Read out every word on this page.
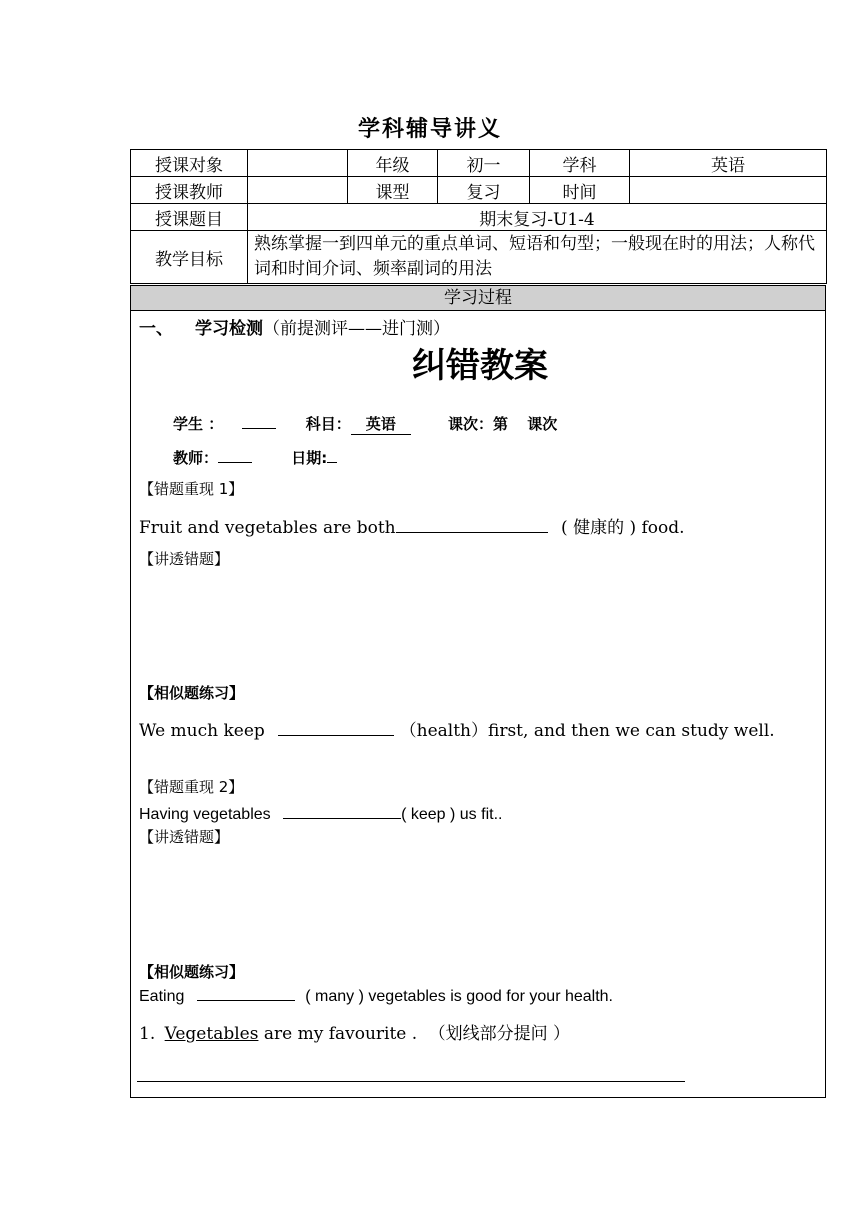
学科辅导讲义
授课对象		年级	初一	学科	英语
授课教师		课型	复习	时间	
授课题目	期末复习-U1-4				
教学目标	熟练掌握一到四单元的重点单词、短语和句型；一般现在时的用法；人称代词和时间介词、频率副词的用法				
学习过程
一、 学习检测（前提测评——进门测）
纠错教案
学生 ：	科目： 英语	课次：第 课次
教师：	日期:
【错题重现 1】
Fruit and vegetables are both	( 健康的 ) food.
【讲透错题】
【相似题练习】
We much keep	（health）first, and then we can study well.
【错题重现 2】
Having vegetables	( keep ) us fit..
【讲透错题】
【相似题练习】
Eating	( many ) vegetables is good for your health.
1. Vegetables are my favourite . （划线部分提问 ）
